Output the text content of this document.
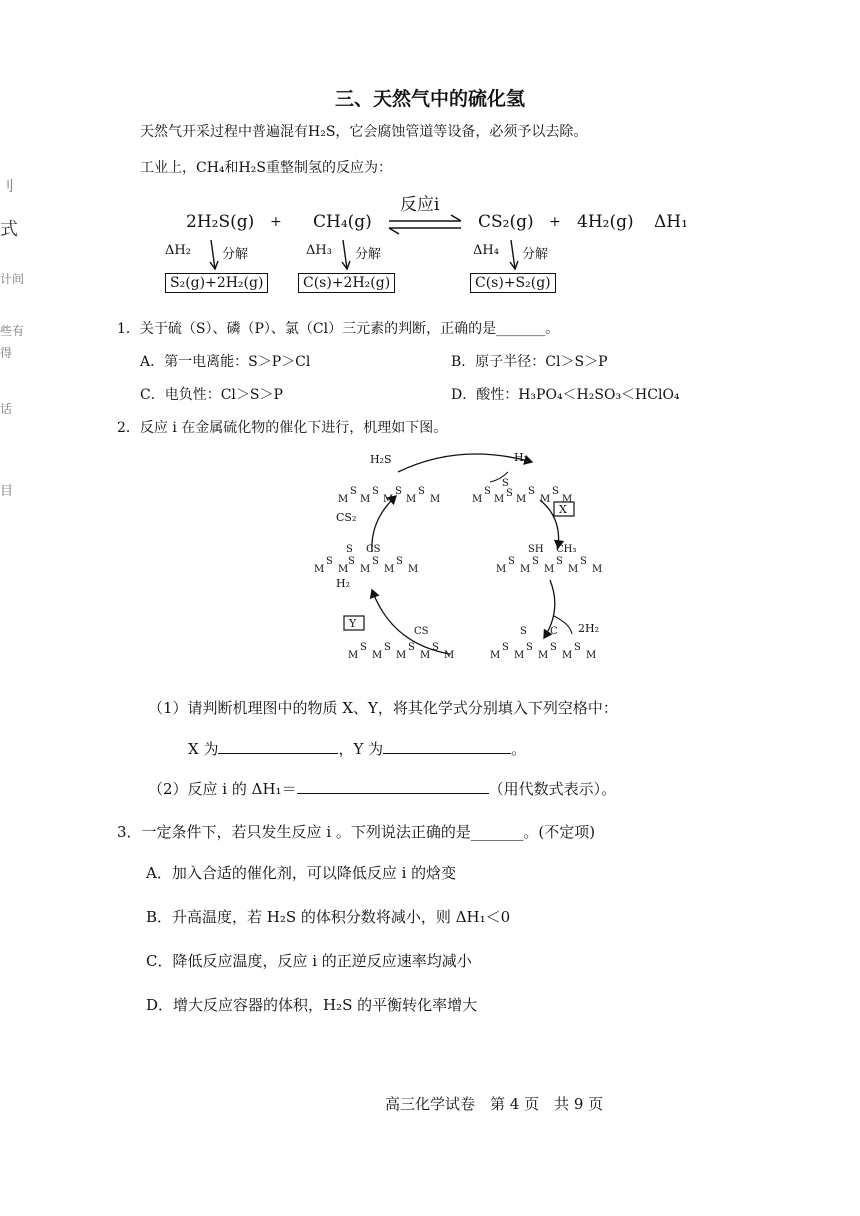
刂
式
计间
些有
得
话
目
三、天然气中的硫化氢
天然气开采过程中普遍混有H₂S，它会腐蚀管道等设备，必须予以去除。
工业上，CH₄和H₂S重整制氢的反应为：
反应i
2H₂S(g) + CH₄(g)	CS₂(g) + 4H₂(g) ΔH₁
ΔH₂ 分解	ΔH₃ 分解	ΔH₄ 分解
S₂(g)+2H₂(g)	C(s)+2H₂(g)	C(s)+S₂(g)
1．关于硫（S）、磷（P）、氯（Cl）三元素的判断，正确的是_______。
A．第一电离能：S＞P＞Cl	B．原子半径：Cl＞S＞P
C．电负性：Cl＞S＞P	D．酸性：H₃PO₄＜H₂SO₃＜HClO₄
2．反应 i 在金属硫化物的催化下进行，机理如下图。
H₂S	H₂
CS₂
H₂
2H₂
X
Y
M
S
M
S
M
S
M
S
M	M
S
M
S
S
M
S
M
S
M
S CS
M
S
M
S
M
S
M
S
M
SH CH₃
M
S
M
S
M
S
M
S
M
CS
M
S
M
S
M
S
M
S
M
S C
M
S
M
S
M
S
M
S
M
（1）请判断机理图中的物质 X、Y，将其化学式分别填入下列空格中：
X 为	，Y 为	。
（2）反应 i 的 ΔH₁＝	（用代数式表示）。
3．一定条件下，若只发生反应 i 。下列说法正确的是_______。(不定项)
A．加入合适的催化剂，可以降低反应 i 的焓变
B．升高温度，若 H₂S 的体积分数将减小，则 ΔH₁＜0
C．降低反应温度，反应 i 的正逆反应速率均减小
D．增大反应容器的体积，H₂S 的平衡转化率增大
高三化学试卷　第 4 页　共 9 页
